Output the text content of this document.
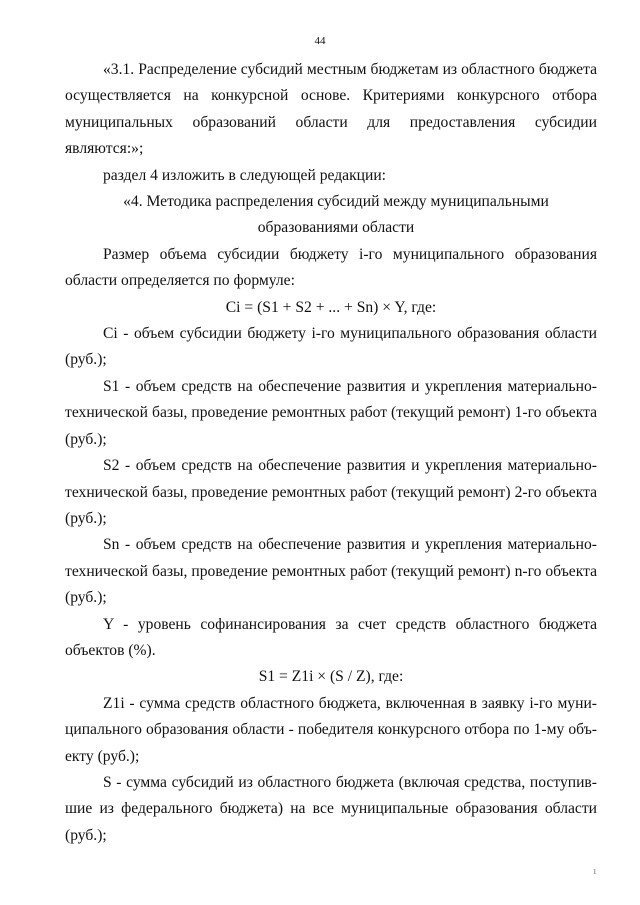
44

«3.1. Распределение субсидий местным бюджетам из областного бюджета осуществляется на конкурсной основе. Критериями конкурсного отбора муниципальных образований области для предоставления субсидии являются:»;

раздел 4 изложить в следующей редакции:

«4. Методика распределения субсидий между муниципальными образованиями области

Размер объема субсидии бюджету i-го муниципального образования области определяется по формуле:

Ci = (S1 + S2 + ... + Sn) × Y, где:

Ci - объем субсидии бюджету i-го муниципального образования области (руб.);

S1 - объем средств на обеспечение развития и укрепления материально-технической базы, проведение ремонтных работ (текущий ремонт) 1-го объекта (руб.);

S2 - объем средств на обеспечение развития и укрепления материально-технической базы, проведение ремонтных работ (текущий ремонт) 2-го объекта (руб.);

Sn - объем средств на обеспечение развития и укрепления материально-технической базы, проведение ремонтных работ (текущий ремонт) n-го объекта (руб.);

Y - уровень софинансирования за счет средств областного бюджета объектов (%).

S1 = Z1i × (S / Z), где:

Z1i - сумма средств областного бюджета, включенная в заявку i-го муниципального образования области - победителя конкурсного отбора по 1-му объекту (руб.);

S - сумма субсидий из областного бюджета (включая средства, поступившие из федерального бюджета) на все муниципальные образования области (руб.);

1
